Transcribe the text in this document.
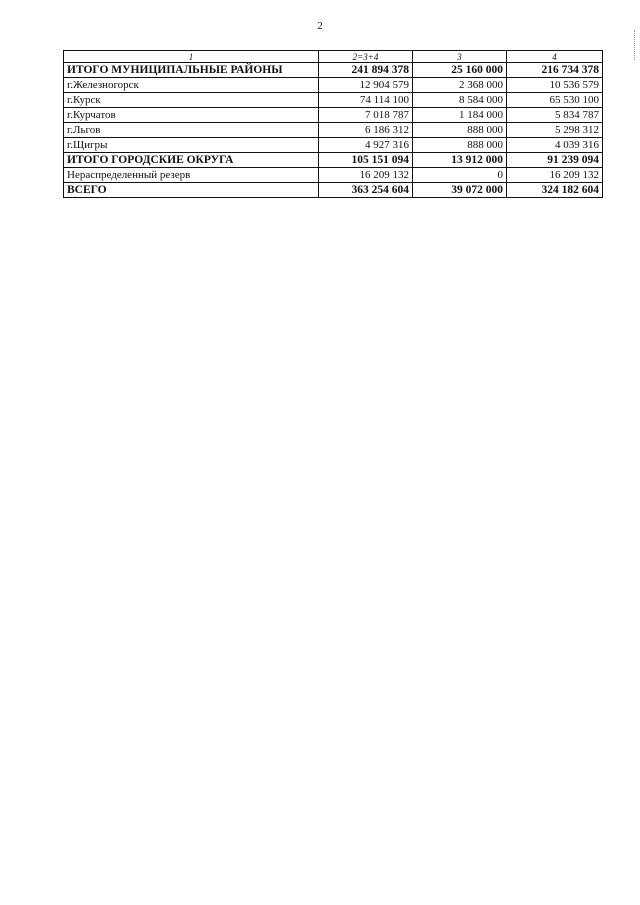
2
1	2=3+4	3	4
ИТОГО МУНИЦИПАЛЬНЫЕ РАЙОНЫ	241 894 378	25 160 000	216 734 378
г.Железногорск	12 904 579	2 368 000	10 536 579
г.Курск	74 114 100	8 584 000	65 530 100
г.Курчатов	7 018 787	1 184 000	5 834 787
г.Льгов	6 186 312	888 000	5 298 312
г.Щигры	4 927 316	888 000	4 039 316
ИТОГО ГОРОДСКИЕ ОКРУГА	105 151 094	13 912 000	91 239 094
Нераспределенный резерв	16 209 132	0	16 209 132
ВСЕГО	363 254 604	39 072 000	324 182 604
